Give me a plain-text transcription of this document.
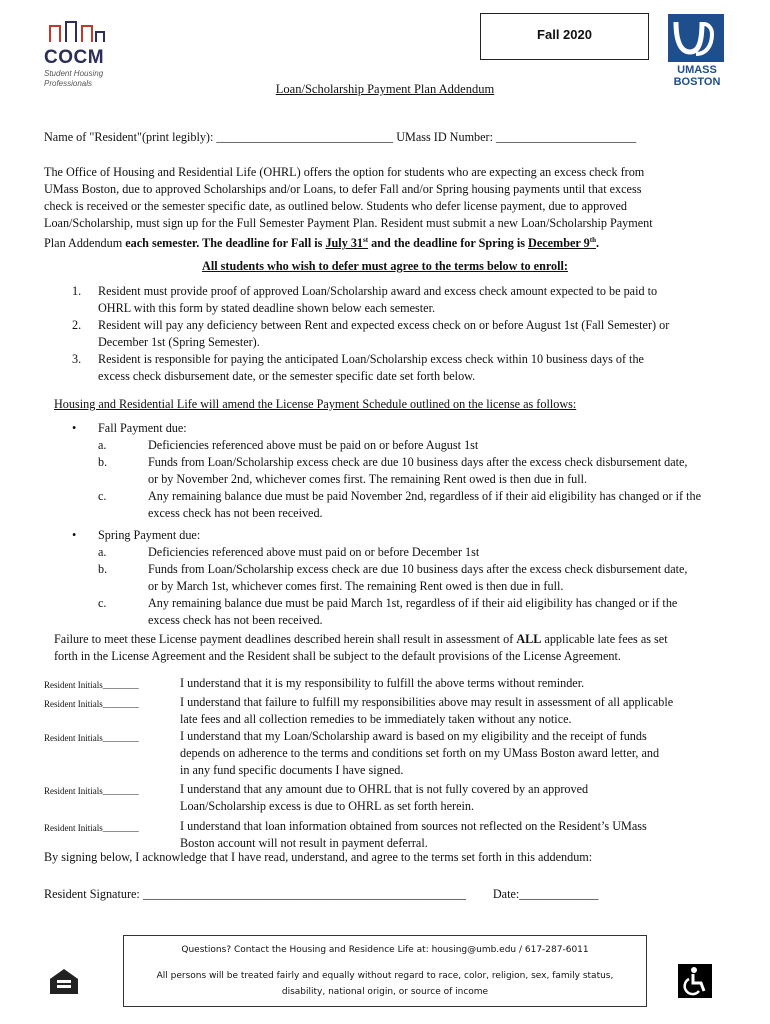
COCM
Student Housing
Professionals
Fall 2020
UMASS
BOSTON
Loan/Scholarship Payment Plan Addendum
Name of "Resident"(print legibly): _____________________________ UMass ID Number: _______________________
The Office of Housing and Residential Life (OHRL) offers the option for students who are expecting an excess check from
UMass Boston, due to approved Scholarships and/or Loans, to defer Fall and/or Spring housing payments until that excess
check is received or the semester specific date, as outlined below. Students who defer license payment, due to approved
Loan/Scholarship, must sign up for the Full Semester Payment Plan. Resident must submit a new Loan/Scholarship Payment
Plan Addendum each semester. The deadline for Fall is July 31st and the deadline for Spring is December 9th.
All students who wish to defer must agree to the terms below to enroll:
1.	Resident must provide proof of approved Loan/Scholarship award and excess check amount expected to be paid to
OHRL with this form by stated deadline shown below each semester.
2.	Resident will pay any deficiency between Rent and expected excess check on or before August 1st (Fall Semester) or
December 1st (Spring Semester).
3.	Resident is responsible for paying the anticipated Loan/Scholarship excess check within 10 business days of the
excess check disbursement date, or the semester specific date set forth below.
Housing and Residential Life will amend the License Payment Schedule outlined on the license as follows:
•	Fall Payment due:
a.	Deficiencies referenced above must be paid on or before August 1st
b.	Funds from Loan/Scholarship excess check are due 10 business days after the excess check disbursement date,
or by November 2nd, whichever comes first. The remaining Rent owed is then due in full.
c.	Any remaining balance due must be paid November 2nd, regardless of if their aid eligibility has changed or if the
excess check has not been received.
•	Spring Payment due:
a.	Deficiencies referenced above must paid on or before December 1st
b.	Funds from Loan/Scholarship excess check are due 10 business days after the excess check disbursement date,
or by March 1st, whichever comes first. The remaining Rent owed is then due in full.
c.	Any remaining balance due must be paid March 1st, regardless of if their aid eligibility has changed or if the
excess check has not been received.
Failure to meet these License payment deadlines described herein shall result in assessment of ALL applicable late fees as set
forth in the License Agreement and the Resident shall be subject to the default provisions of the License Agreement.
Resident Initials________	I understand that it is my responsibility to fulfill the above terms without reminder.
Resident Initials________	I understand that failure to fulfill my responsibilities above may result in assessment of all applicable
late fees and all collection remedies to be immediately taken without any notice.
Resident Initials________	I understand that my Loan/Scholarship award is based on my eligibility and the receipt of funds
depends on adherence to the terms and conditions set forth on my UMass Boston award letter, and
in any fund specific documents I have signed.
Resident Initials________	I understand that any amount due to OHRL that is not fully covered by an approved
Loan/Scholarship excess is due to OHRL as set forth herein.
Resident Initials________	I understand that loan information obtained from sources not reflected on the Resident’s UMass
Boston account will not result in payment deferral.
By signing below, I acknowledge that I have read, understand, and agree to the terms set forth in this addendum:
Resident Signature: _____________________________________________________ Date:_____________
Questions? Contact the Housing and Residence Life at: housing@umb.edu / 617-287-6011
All persons will be treated fairly and equally without regard to race, color, religion, sex, family status,
disability, national origin, or source of income
